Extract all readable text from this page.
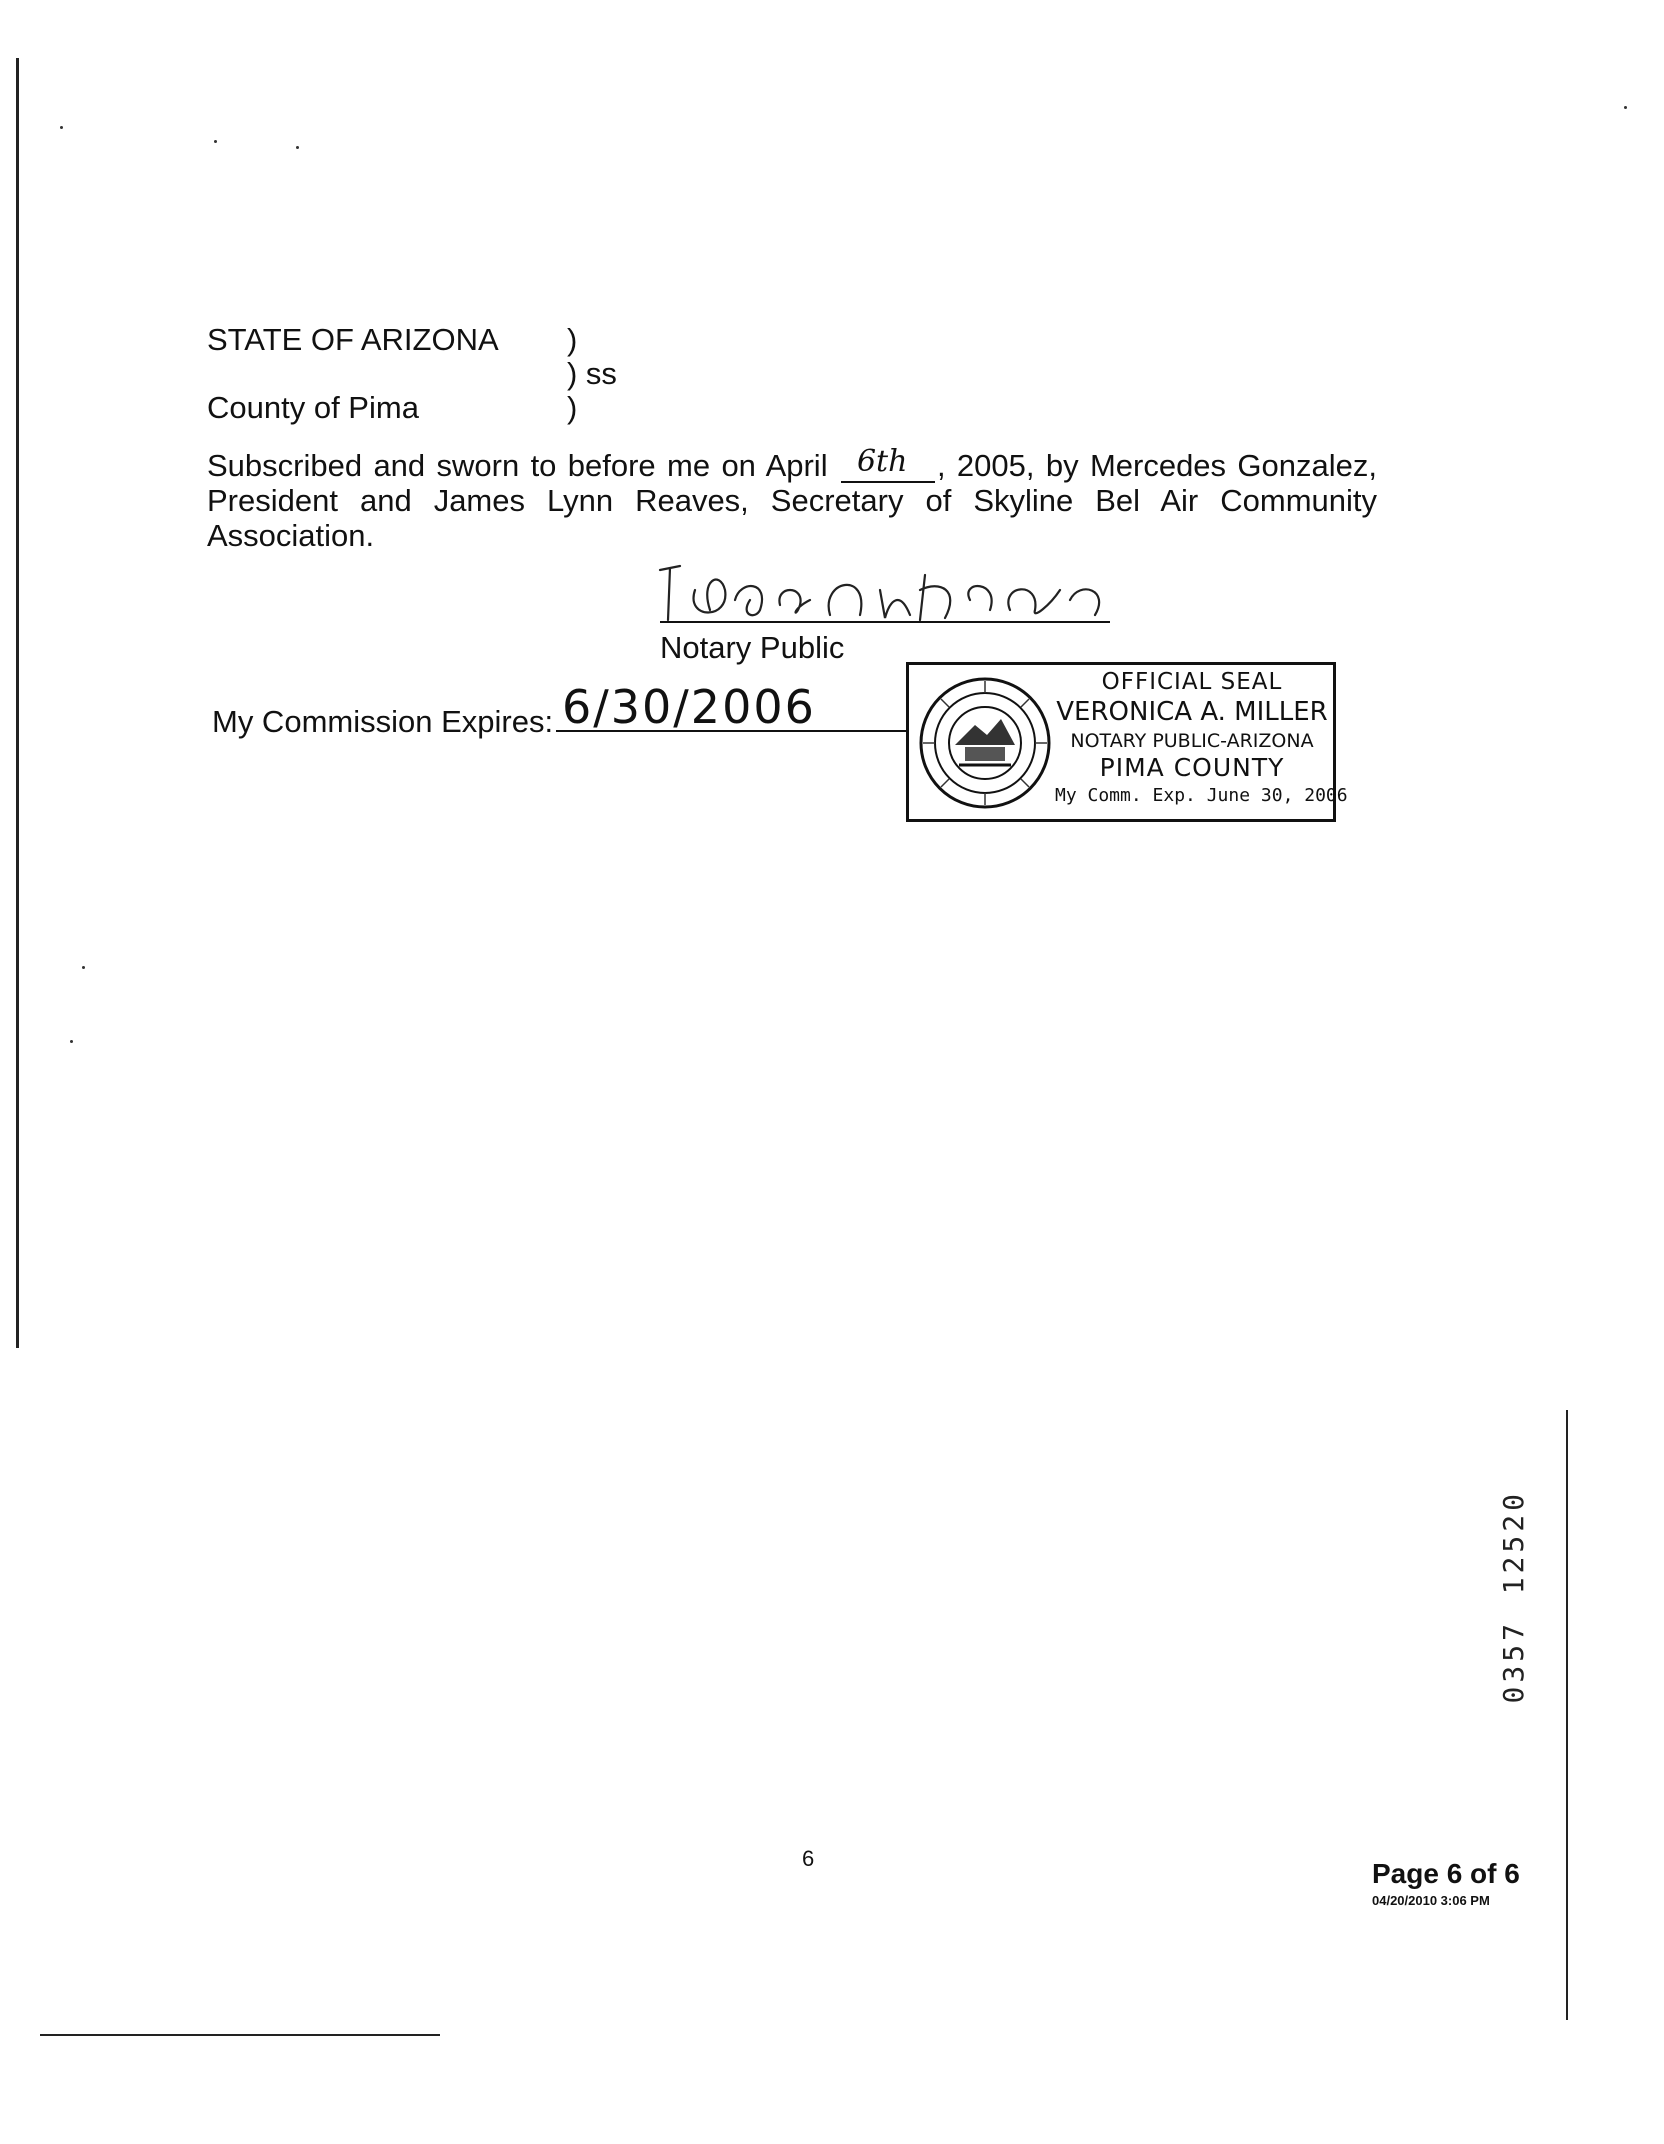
STATE OF ARIZONA )
) ss
County of Pima	)
Subscribed and sworn to before me on April 6th , 2005, by Mercedes Gonzalez,
President and James Lynn Reaves, Secretary of Skyline Bel Air Community
Association.
Notary Public
My Commission Expires: 6/30/2006	OFFICIAL SEAL
VERONICA A. MILLER
NOTARY PUBLIC-ARIZONA
PIMA COUNTY
My Comm. Exp. June 30, 2006
12520
0357
6	Page 6 of 6
04/20/2010 3:06 PM
